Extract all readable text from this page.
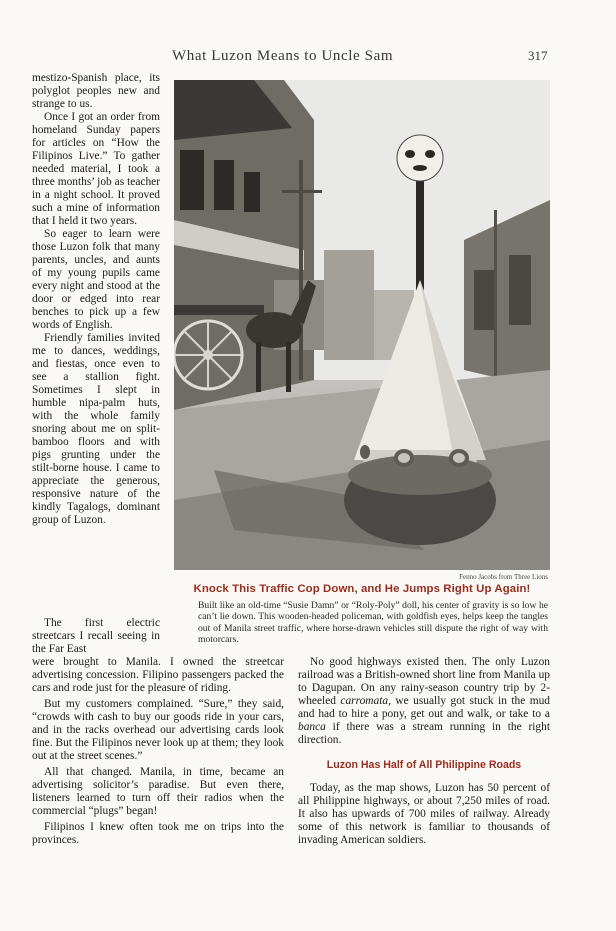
What Luzon Means to Uncle Sam	317

mestizo-Spanish place, its polyglot peoples new and strange to us.

Once I got an order from homeland Sunday papers for articles on “How the Filipinos Live.” To gather needed material, I took a three months’ job as teacher in a night school. It proved such a mine of information that I held it two years.

So eager to learn were those Luzon folk that many parents, uncles, and aunts of my young pupils came every night and stood at the door or edged into rear benches to pick up a few words of English.

Friendly families invited me to dances, weddings, and fiestas, once even to see a stallion fight. Sometimes I slept in humble nipa-palm huts, with the whole family snoring about me on split-bamboo floors and with pigs grunting under the stilt-borne house. I came to appreciate the generous, responsive nature of the kindly Tagalogs, dominant group of Luzon.

The first electric streetcars I recall seeing in the Far East

Fenno Jacobs from Three Lions
Knock This Traffic Cop Down, and He Jumps Right Up Again!
Built like an old-time “Susie Damn” or “Roly-Poly” doll, his center of gravity is so low he can’t lie down. This wooden-headed policeman, with goldfish eyes, helps keep the tangles out of Manila street traffic, where horse-drawn vehicles still dispute the right of way with motorcars.

were brought to Manila. I owned the streetcar advertising concession. Filipino passengers packed the cars and rode just for the pleasure of riding.

But my customers complained. “Sure,” they said, “crowds with cash to buy our goods ride in your cars, and in the racks overhead our advertising cards look fine. But the Filipinos never look up at them; they look out at the street scenes.”

All that changed. Manila, in time, became an advertising solicitor’s paradise. But even there, listeners learned to turn off their radios when the commercial “plugs” began!

Filipinos I knew often took me on trips into the provinces.

No good highways existed then. The only Luzon railroad was a British-owned short line from Manila up to Dagupan. On any rainy-season country trip by 2-wheeled carromata, we usually got stuck in the mud and had to hire a pony, get out and walk, or take to a banca if there was a stream running in the right direction.

Luzon Has Half of All Philippine Roads

Today, as the map shows, Luzon has 50 percent of all Philippine highways, or about 7,250 miles of road. It also has upwards of 700 miles of railway. Already some of this network is familiar to thousands of invading American soldiers.
